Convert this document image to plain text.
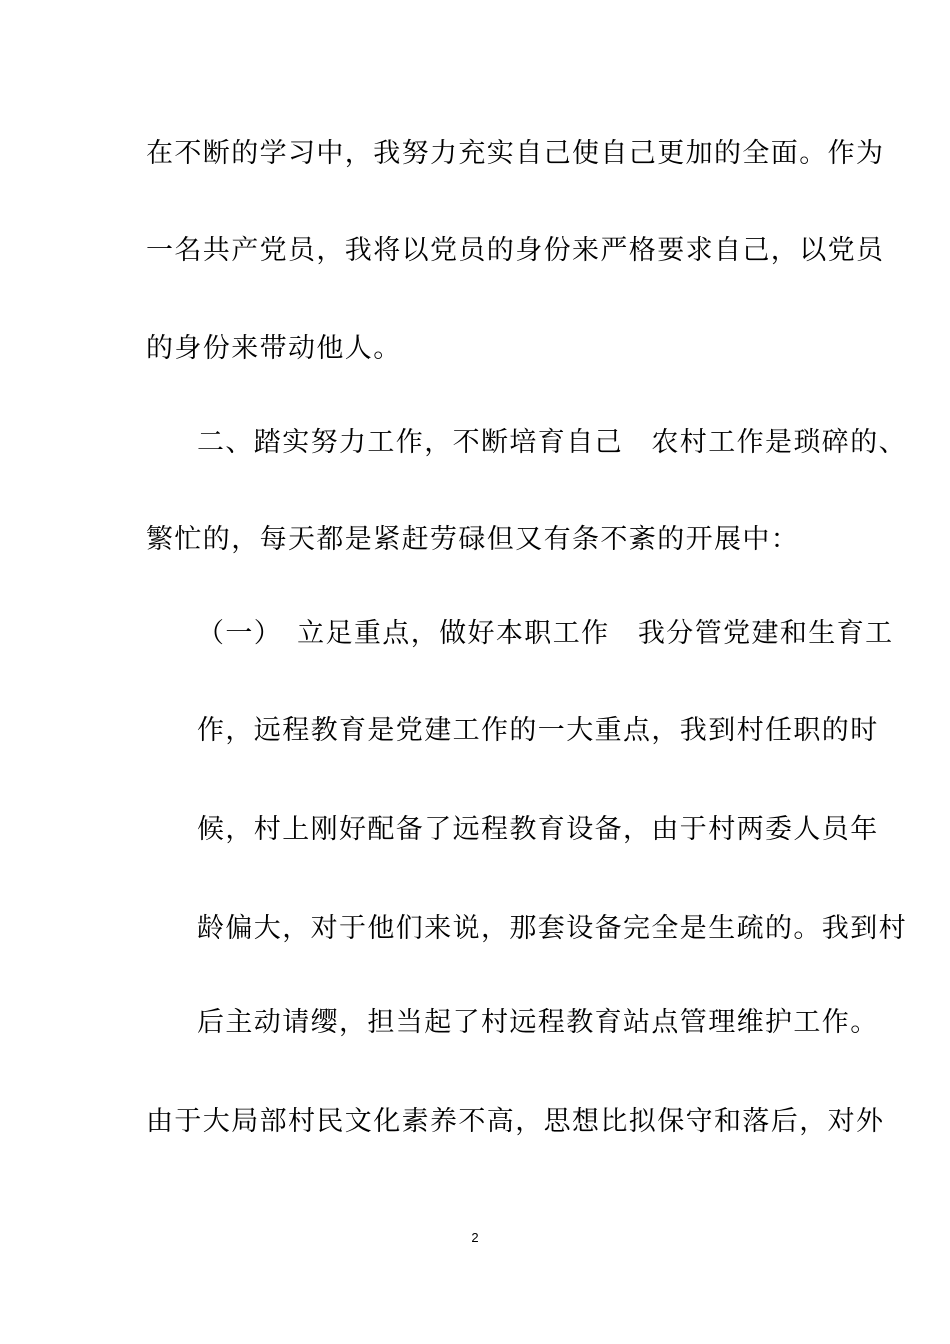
在不断的学习中，我努力充实自己使自己更加的全面。作为
一名共产党员，我将以党员的身份来严格要求自己，以党员
的身份来带动他人。
二、踏实努力工作，不断培育自己　农村工作是琐碎的、
繁忙的，每天都是紧赶劳碌但又有条不紊的开展中：
（一）　立足重点，做好本职工作　我分管党建和生育工
作，远程教育是党建工作的一大重点，我到村任职的时
候，村上刚好配备了远程教育设备，由于村两委人员年
龄偏大，对于他们来说，那套设备完全是生疏的。我到村
后主动请缨，担当起了村远程教育站点管理维护工作。
由于大局部村民文化素养不高，思想比拟保守和落后，对外
2
